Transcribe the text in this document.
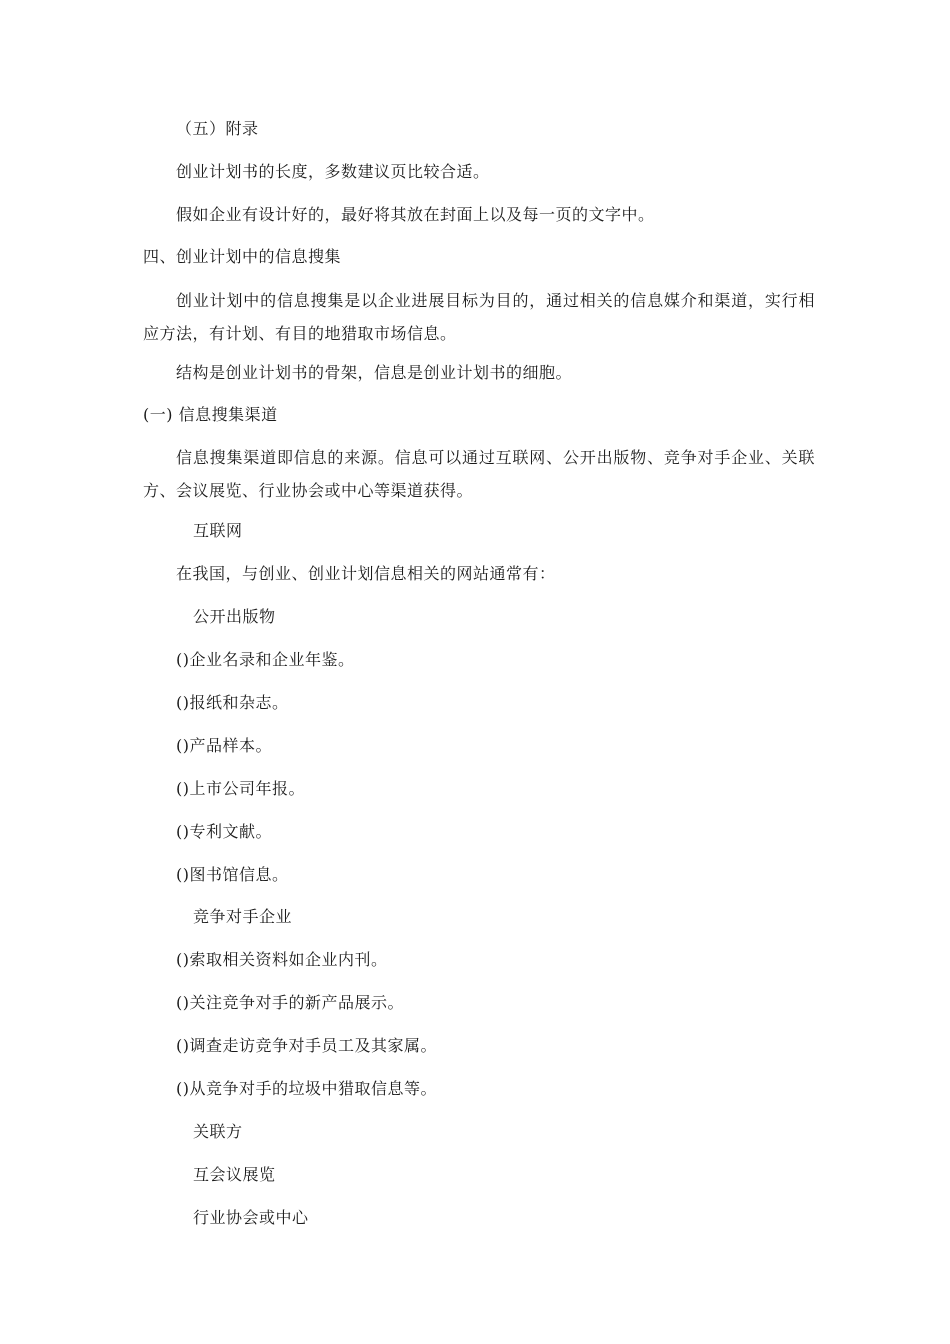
（五）附录
创业计划书的长度，多数建议页比较合适。
假如企业有设计好的，最好将其放在封面上以及每一页的文字中。
四、创业计划中的信息搜集
创业计划中的信息搜集是以企业进展目标为目的，通过相关的信息媒介和渠道，实行相 应方法，有计划、有目的地猎取市场信息。
结构是创业计划书的骨架，信息是创业计划书的细胞。
(一) 信息搜集渠道
信息搜集渠道即信息的来源。信息可以通过互联网、公开出版物、竞争对手企业、关联 方、会议展览、行业协会或中心等渠道获得。
互联网
在我国，与创业、创业计划信息相关的网站通常有：
公开出版物
()企业名录和企业年鉴。
()报纸和杂志。
()产品样本。
()上市公司年报。
()专利文献。
()图书馆信息。
竞争对手企业
()索取相关资料如企业内刊。
()关注竞争对手的新产品展示。
()调查走访竞争对手员工及其家属。
()从竞争对手的垃圾中猎取信息等。
关联方
互会议展览
行业协会或中心
